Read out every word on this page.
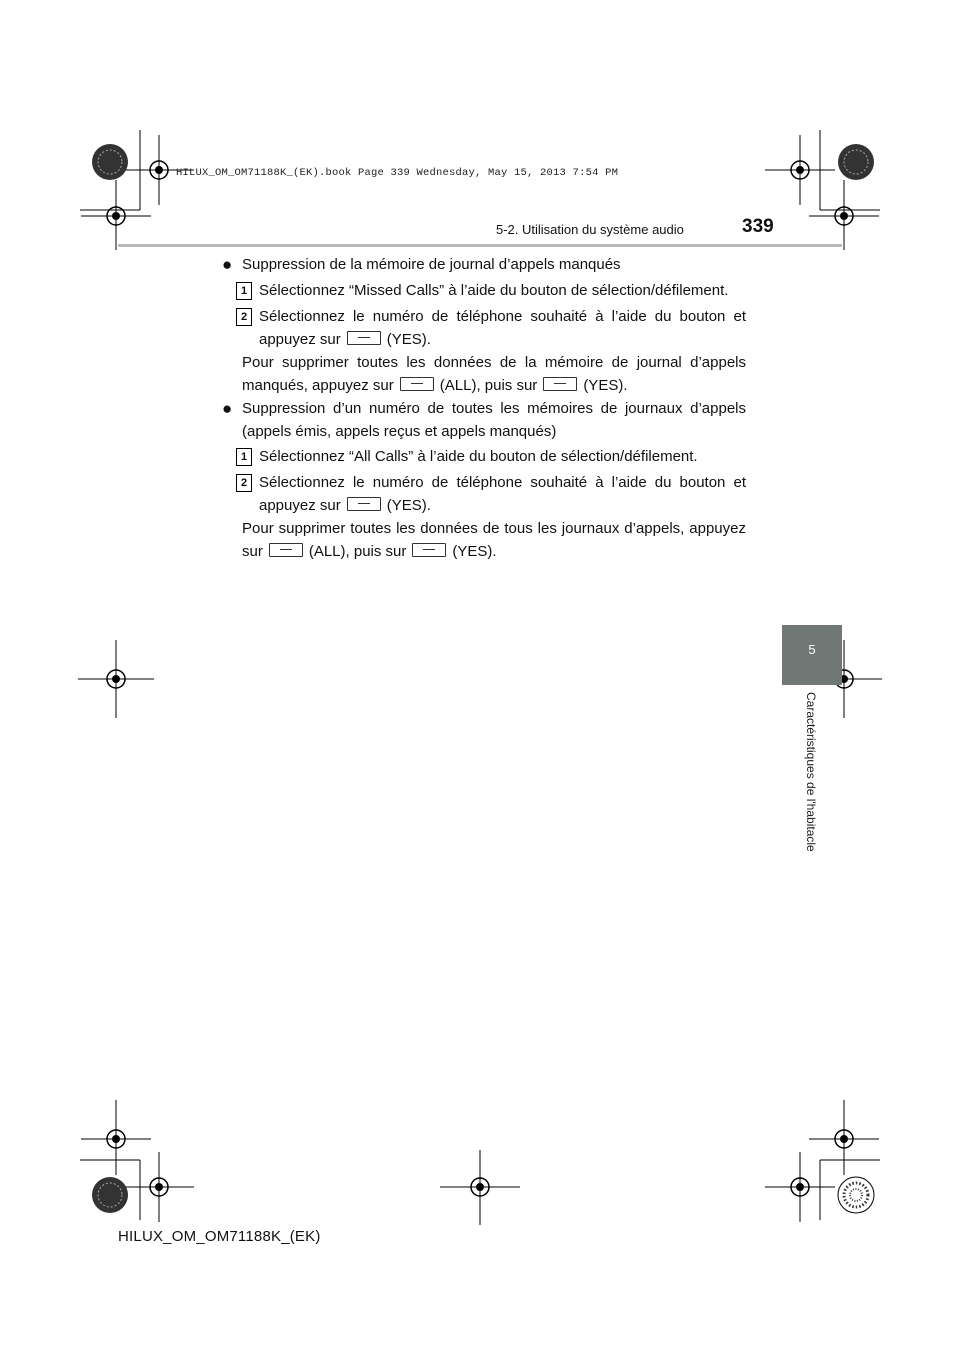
HILUX_OM_OM71188K_(EK).book Page 339 Wednesday, May 15, 2013 7:54 PM
5-2. Utilisation du système audio	339
5
Caractéristiques de l'habitacle
● Suppression de la mémoire de journal d’appels manqués
1 Sélectionnez “Missed Calls” à l’aide du bouton de sélection/défilement.
2 Sélectionnez le numéro de téléphone souhaité à l’aide du bouton et appuyez sur	(YES).
Pour supprimer toutes les données de la mémoire de journal d’appels manqués, appuyez sur	(ALL), puis sur	(YES).
● Suppression d’un numéro de toutes les mémoires de journaux d’appels (appels émis, appels reçus et appels manqués)
1 Sélectionnez “All Calls” à l’aide du bouton de sélection/défilement.
2 Sélectionnez le numéro de téléphone souhaité à l’aide du bouton et appuyez sur	(YES).
Pour supprimer toutes les données de tous les journaux d’appels, appuyez sur	(ALL), puis sur	(YES).
HILUX_OM_OM71188K_(EK)
